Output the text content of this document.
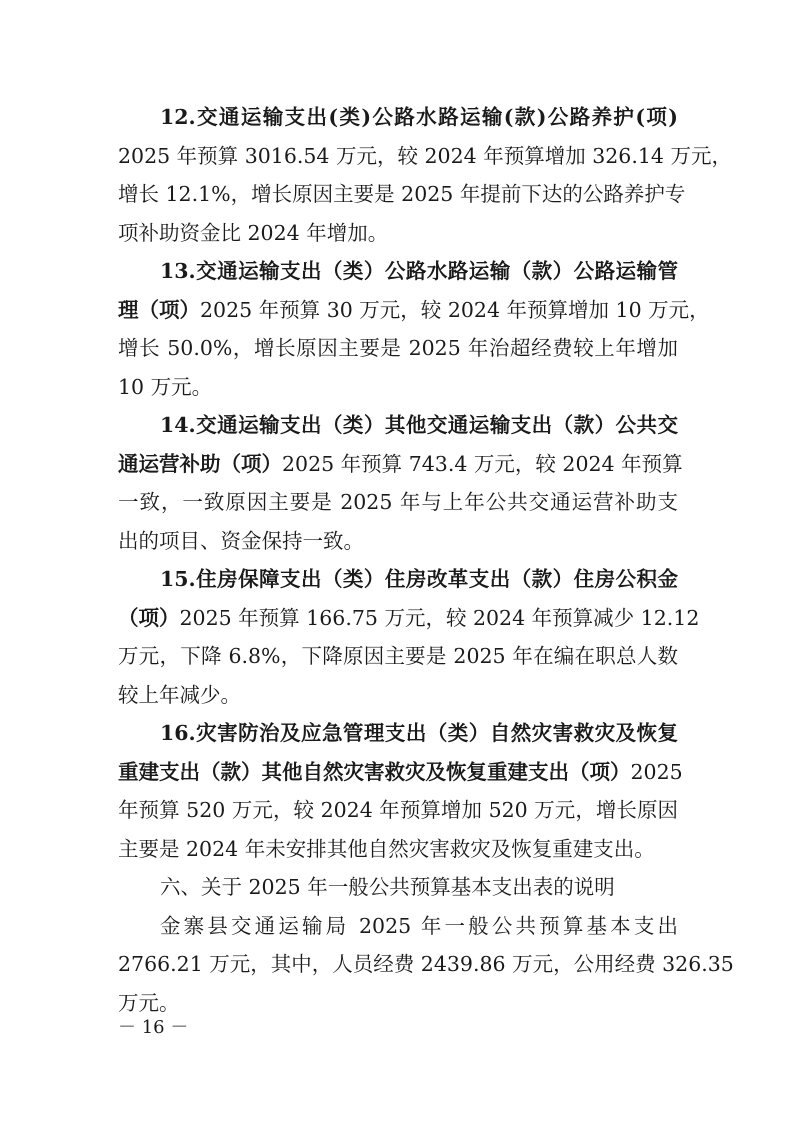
12.交通运输支出(类)公路水路运输(款)公路养护(项)
2025 年预算 3016.54 万元，较 2024 年预算增加 326.14 万元，
增长 12.1%，增长原因主要是 2025 年提前下达的公路养护专
项补助资金比 2024 年增加。
13.交通运输支出（类）公路水路运输（款）公路运输管
理（项）2025 年预算 30 万元，较 2024 年预算增加 10 万元，
增长 50.0%，增长原因主要是 2025 年治超经费较上年增加
10 万元。
14.交通运输支出（类）其他交通运输支出（款）公共交
通运营补助（项）2025 年预算 743.4 万元，较 2024 年预算
一致，一致原因主要是 2025 年与上年公共交通运营补助支
出的项目、资金保持一致。
15.住房保障支出（类）住房改革支出（款）住房公积金
（项）2025 年预算 166.75 万元，较 2024 年预算减少 12.12
万元，下降 6.8%，下降原因主要是 2025 年在编在职总人数
较上年减少。
16.灾害防治及应急管理支出（类）自然灾害救灾及恢复
重建支出（款）其他自然灾害救灾及恢复重建支出（项）2025
年预算 520 万元，较 2024 年预算增加 520 万元，增长原因
主要是 2024 年未安排其他自然灾害救灾及恢复重建支出。
六、关于 2025 年一般公共预算基本支出表的说明
金寨县交通运输局 2025 年一般公共预算基本支出
2766.21 万元，其中，人员经费 2439.86 万元，公用经费 326.35
万元。
－ 16 －
